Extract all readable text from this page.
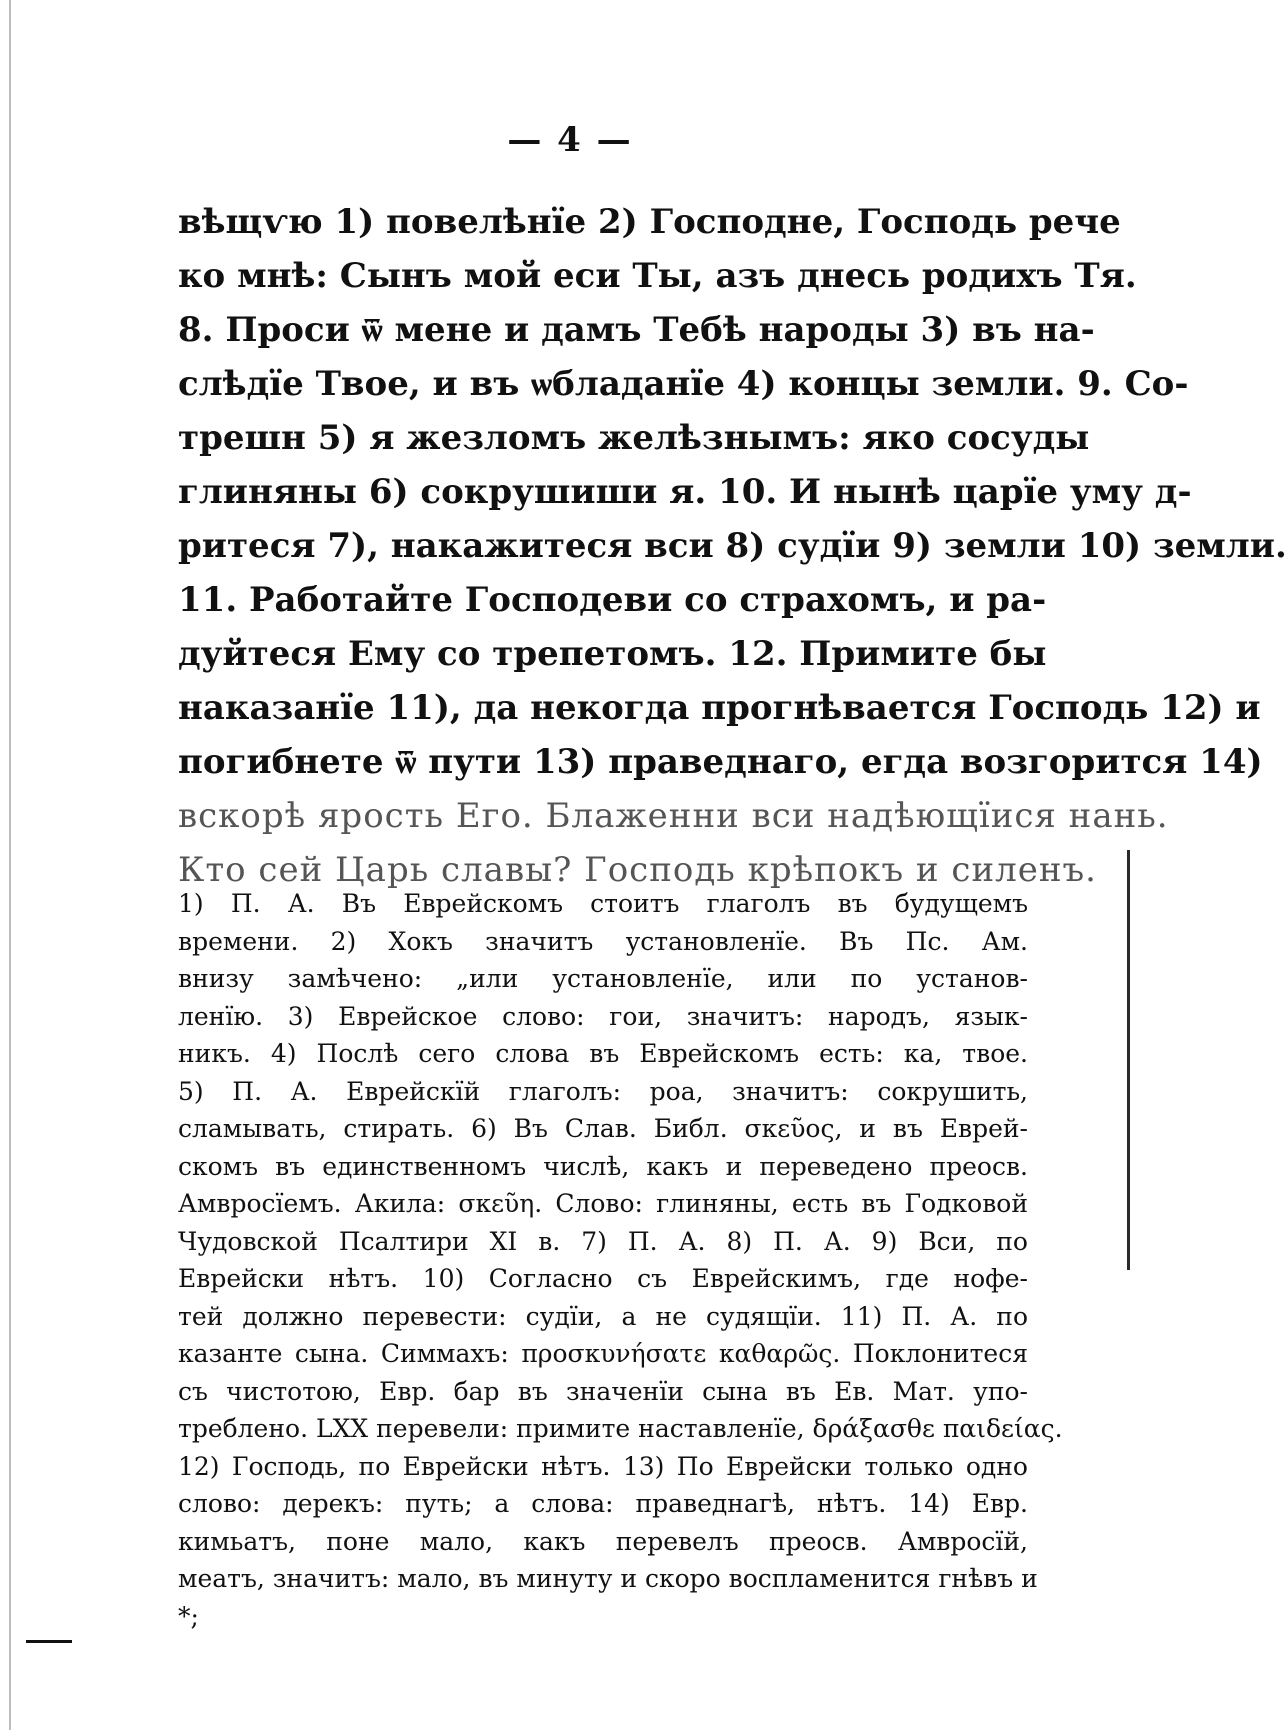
— 4 —
вѣщѵю 1) повелѣнїе 2) Господне, Господь рече
ко мнѣ: Сынъ мой еси Ты, азъ днесь родихъ Тя.
8. Проси ѿ мене и дамъ Тебѣ народы 3) въ на-
слѣдїе Твое, и въ ѡбладанїе 4) концы земли. 9. Со-
трешн 5) я жезломъ желѣзнымъ: яко сосуды
глиняны 6) сокрушиши я. 10. И нынѣ царїе уму д-
ритеся 7), накажитеся вси 8) судїи 9) земли 10) земли.
11. Работайте Господеви со страхомъ, и ра-
дуйтеся Ему со трепетомъ. 12. Примите бы
наказанїе 11), да некогда прогнѣвается Господь 12) и
погибнете ѿ пути 13) праведнаго, егда возгорится 14)
вскорѣ ярость Его. Блаженни вси надѣющїися нань.
Кто сей Царь славы? Господь крѣпокъ и силенъ.
1) П. А. Въ Еврейскомъ стоитъ глаголъ въ будущемъ
времени. 2) Хокъ значитъ установленїе. Въ Пс. Ам.
внизу замѣчено: „или установленїе, или по установ-
ленїю. 3) Еврейское слово: гои, значитъ: народъ, язык-
никъ. 4) Послѣ сего слова въ Еврейскомъ есть: ка, твое.
5) П. А. Еврейскїй глаголъ: роа, значитъ: сокрушить,
сламывать, стирать. 6) Въ Слав. Библ. σκεῦος, и въ Еврей-
скомъ въ единственномъ числѣ, какъ и переведено преосв.
Амвросїемъ. Акила: σκεῦη. Слово: глиняны, есть въ Годковой
Чудовской Псалтири XI в. 7) П. А. 8) П. А. 9) Вси, по
Еврейски нѣтъ. 10) Согласно съ Еврейскимъ, где нофе-
тей должно перевести: судїи, а не судящїи. 11) П. А. по
казанте сына. Симмахъ: προσκυνήσατε καθαρῶς. Поклонитеся
съ чистотою, Евр. бар въ значенїи сына въ Ев. Мат. упо-
треблено. LXX перевели: примите наставленїе, δράξασθε παιδείας.
12) Господь, по Еврейски нѣтъ. 13) По Еврейски только одно
слово: дерекъ: путь; а слова: праведнагѣ, нѣтъ. 14) Евр.
кимьатъ, поне мало, какъ перевелъ преосв. Амвросїй,
меатъ, значитъ: мало, въ минуту и скоро воспламенится гнѣвъ и
*;
